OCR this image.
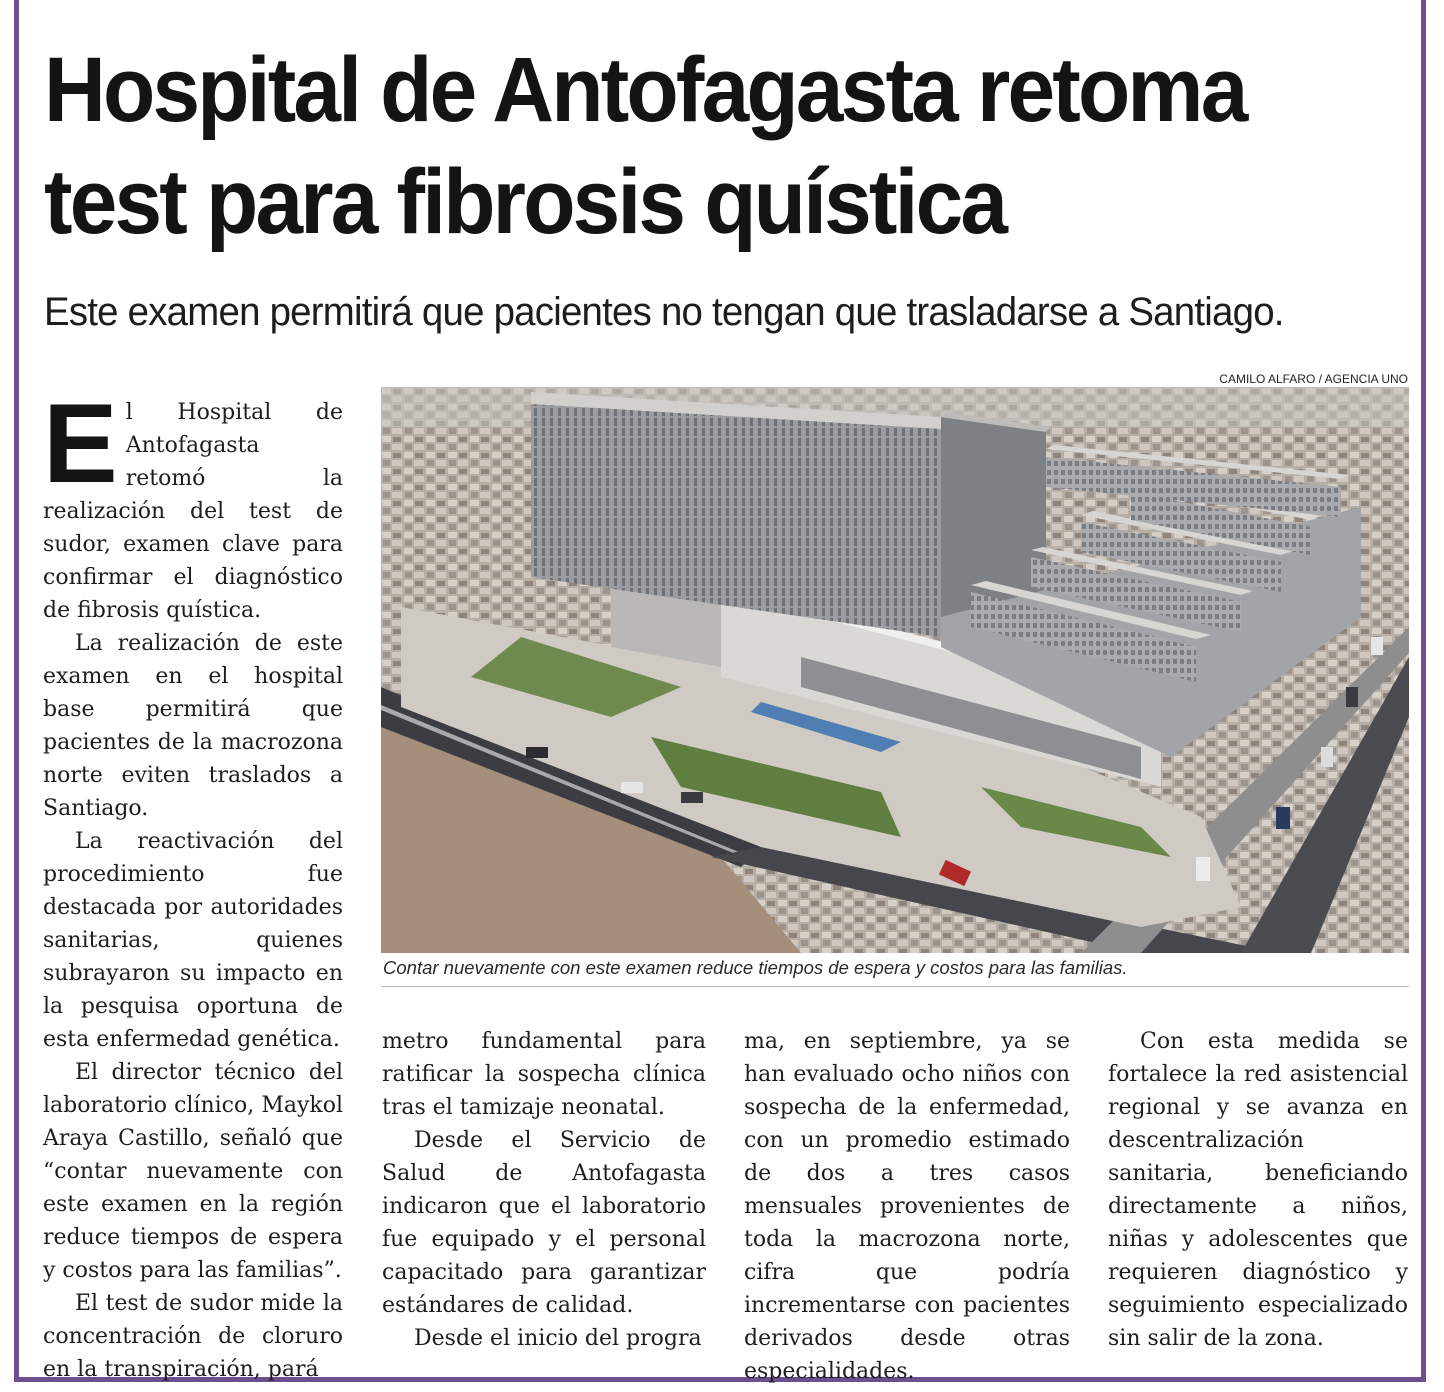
Hospital de Antofagasta retoma
test para fibrosis quística

Este examen permitirá que pacientes no tengan que trasladarse a Santiago.

CAMILO ALFARO / AGENCIA UNO

Contar nuevamente con este examen reduce tiempos de espera y costos para las familias.

El Hospital de Antofagasta retomó la realización del test de sudor, examen clave para confirmar el diagnóstico de fibrosis quística.

La realización de este examen en el hospital base permitirá que pacientes de la macrozona norte eviten traslados a Santiago.

La reactivación del procedimiento fue destacada por autoridades sanitarias, quienes subrayaron su impacto en la pesquisa oportuna de esta enfermedad genética.

El director técnico del laboratorio clínico, Maykol Araya Castillo, señaló que “contar nuevamente con este examen en la región reduce tiempos de espera y costos para las familias”.

El test de sudor mide la concentración de cloruro en la transpiración, pará

metro fundamental para ratificar la sospecha clínica tras el tamizaje neonatal.

Desde el Servicio de Salud de Antofagasta indicaron que el laboratorio fue equipado y el personal capacitado para garantizar estándares de calidad.

Desde el inicio del progra

ma, en septiembre, ya se han evaluado ocho niños con sospecha de la enfermedad, con un promedio estimado de dos a tres casos mensuales provenientes de toda la macrozona norte, cifra que podría incrementarse con pacientes derivados desde otras especialidades.

Con esta medida se fortalece la red asistencial regional y se avanza en descentralización sanitaria, beneficiando directamente a niños, niñas y adolescentes que requieren diagnóstico y seguimiento especializado sin salir de la zona.
